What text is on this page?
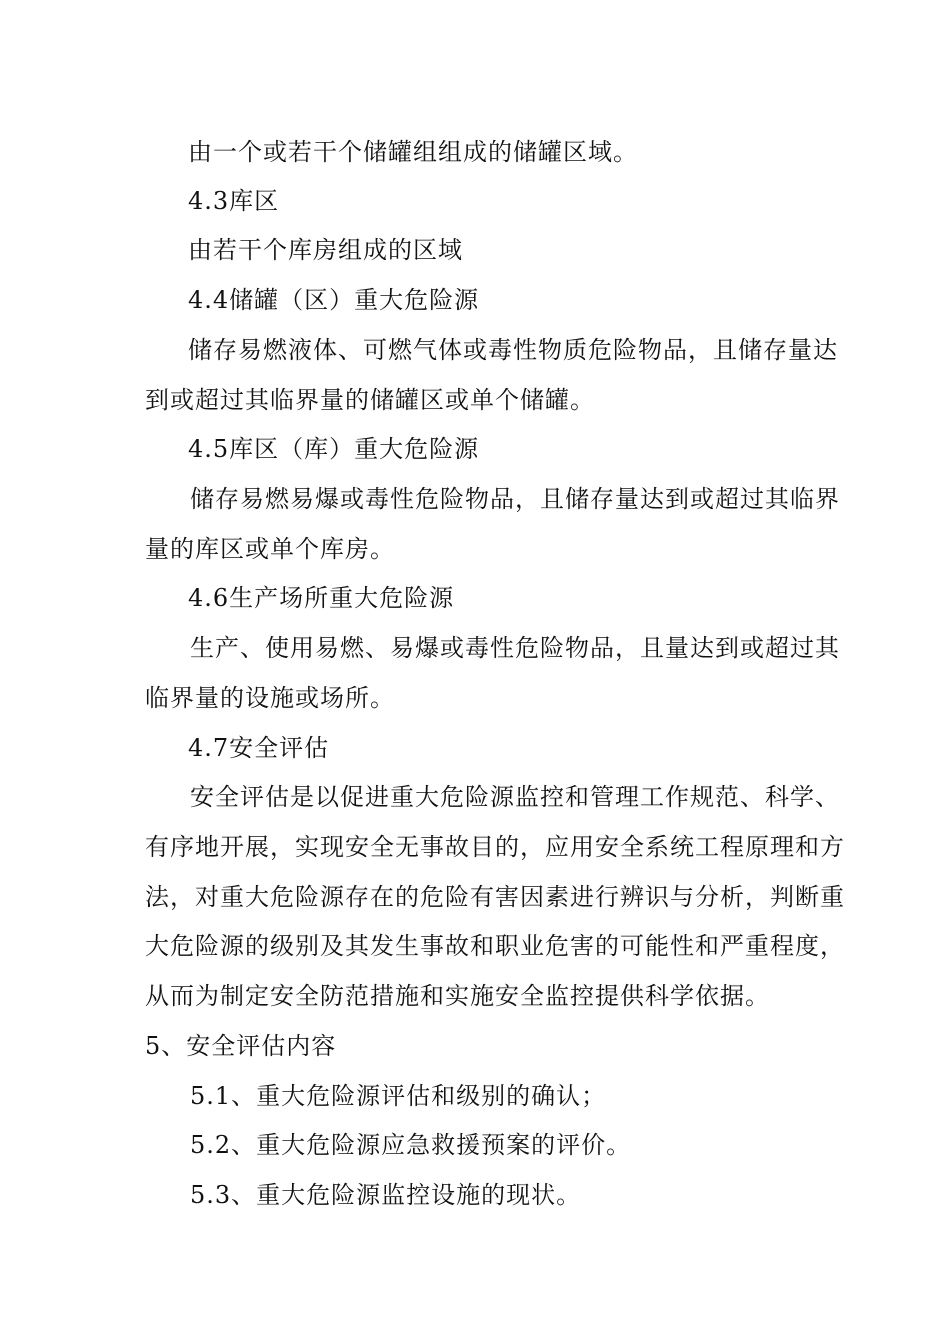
由一个或若干个储罐组组成的储罐区域。
4.3库区
由若干个库房组成的区域
4.4储罐（区）重大危险源
储存易燃液体、可燃气体或毒性物质危险物品，且储存量达
到或超过其临界量的储罐区或单个储罐。
4.5库区（库）重大危险源
储存易燃易爆或毒性危险物品，且储存量达到或超过其临界
量的库区或单个库房。
4.6生产场所重大危险源
生产、使用易燃、易爆或毒性危险物品，且量达到或超过其
临界量的设施或场所。
4.7安全评估
安全评估是以促进重大危险源监控和管理工作规范、科学、
有序地开展，实现安全无事故目的，应用安全系统工程原理和方
法，对重大危险源存在的危险有害因素进行辨识与分析，判断重
大危险源的级别及其发生事故和职业危害的可能性和严重程度，
从而为制定安全防范措施和实施安全监控提供科学依据。
5、安全评估内容
5.1、重大危险源评估和级别的确认；
5.2、重大危险源应急救援预案的评价。
5.3、重大危险源监控设施的现状。
